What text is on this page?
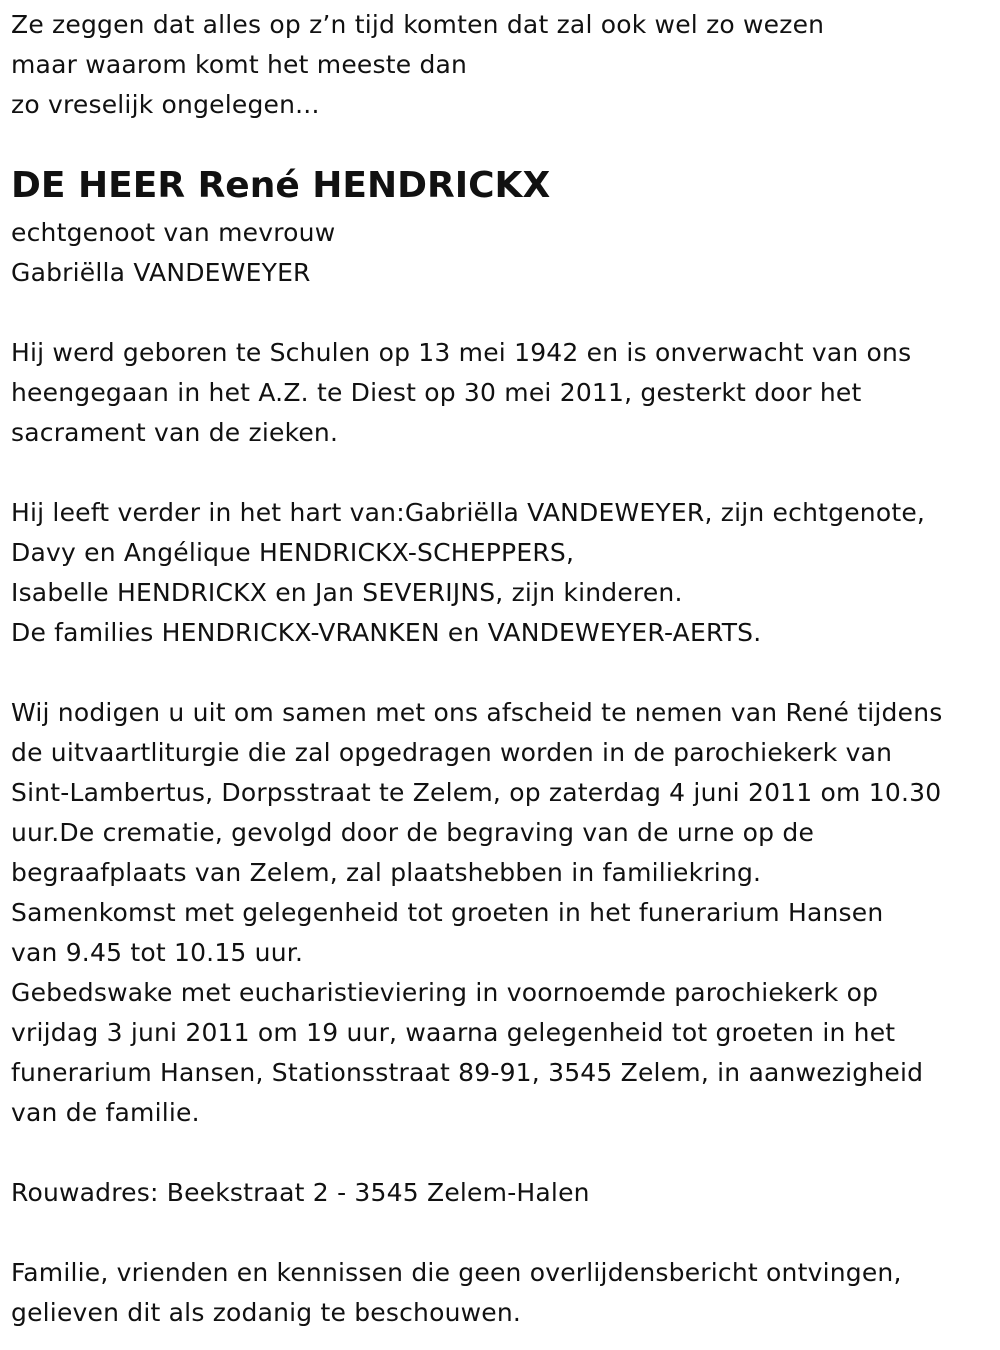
Ze zeggen dat alles op z’n tijd komten dat zal ook wel zo wezen
maar waarom komt het meeste dan
zo vreselijk ongelegen...
DE HEER René HENDRICKX
echtgenoot van mevrouw
Gabriëlla VANDEWEYER
Hij werd geboren te Schulen op 13 mei 1942 en is onverwacht van ons
heengegaan in het A.Z. te Diest op 30 mei 2011, gesterkt door het
sacrament van de zieken.
Hij leeft verder in het hart van:Gabriëlla VANDEWEYER, zijn echtgenote,
Davy en Angélique HENDRICKX-SCHEPPERS,
Isabelle HENDRICKX en Jan SEVERIJNS, zijn kinderen.
De families HENDRICKX-VRANKEN en VANDEWEYER-AERTS.
Wij nodigen u uit om samen met ons afscheid te nemen van René tijdens
de uitvaartliturgie die zal opgedragen worden in de parochiekerk van
Sint-Lambertus, Dorpsstraat te Zelem, op zaterdag 4 juni 2011 om 10.30
uur.De crematie, gevolgd door de begraving van de urne op de
begraafplaats van Zelem, zal plaatshebben in familiekring.
Samenkomst met gelegenheid tot groeten in het funerarium Hansen
van 9.45 tot 10.15 uur.
Gebedswake met eucharistieviering in voornoemde parochiekerk op
vrijdag 3 juni 2011 om 19 uur, waarna gelegenheid tot groeten in het
funerarium Hansen, Stationsstraat 89-91, 3545 Zelem, in aanwezigheid
van de familie.
Rouwadres: Beekstraat 2 - 3545 Zelem-Halen
Familie, vrienden en kennissen die geen overlijdensbericht ontvingen,
gelieven dit als zodanig te beschouwen.
